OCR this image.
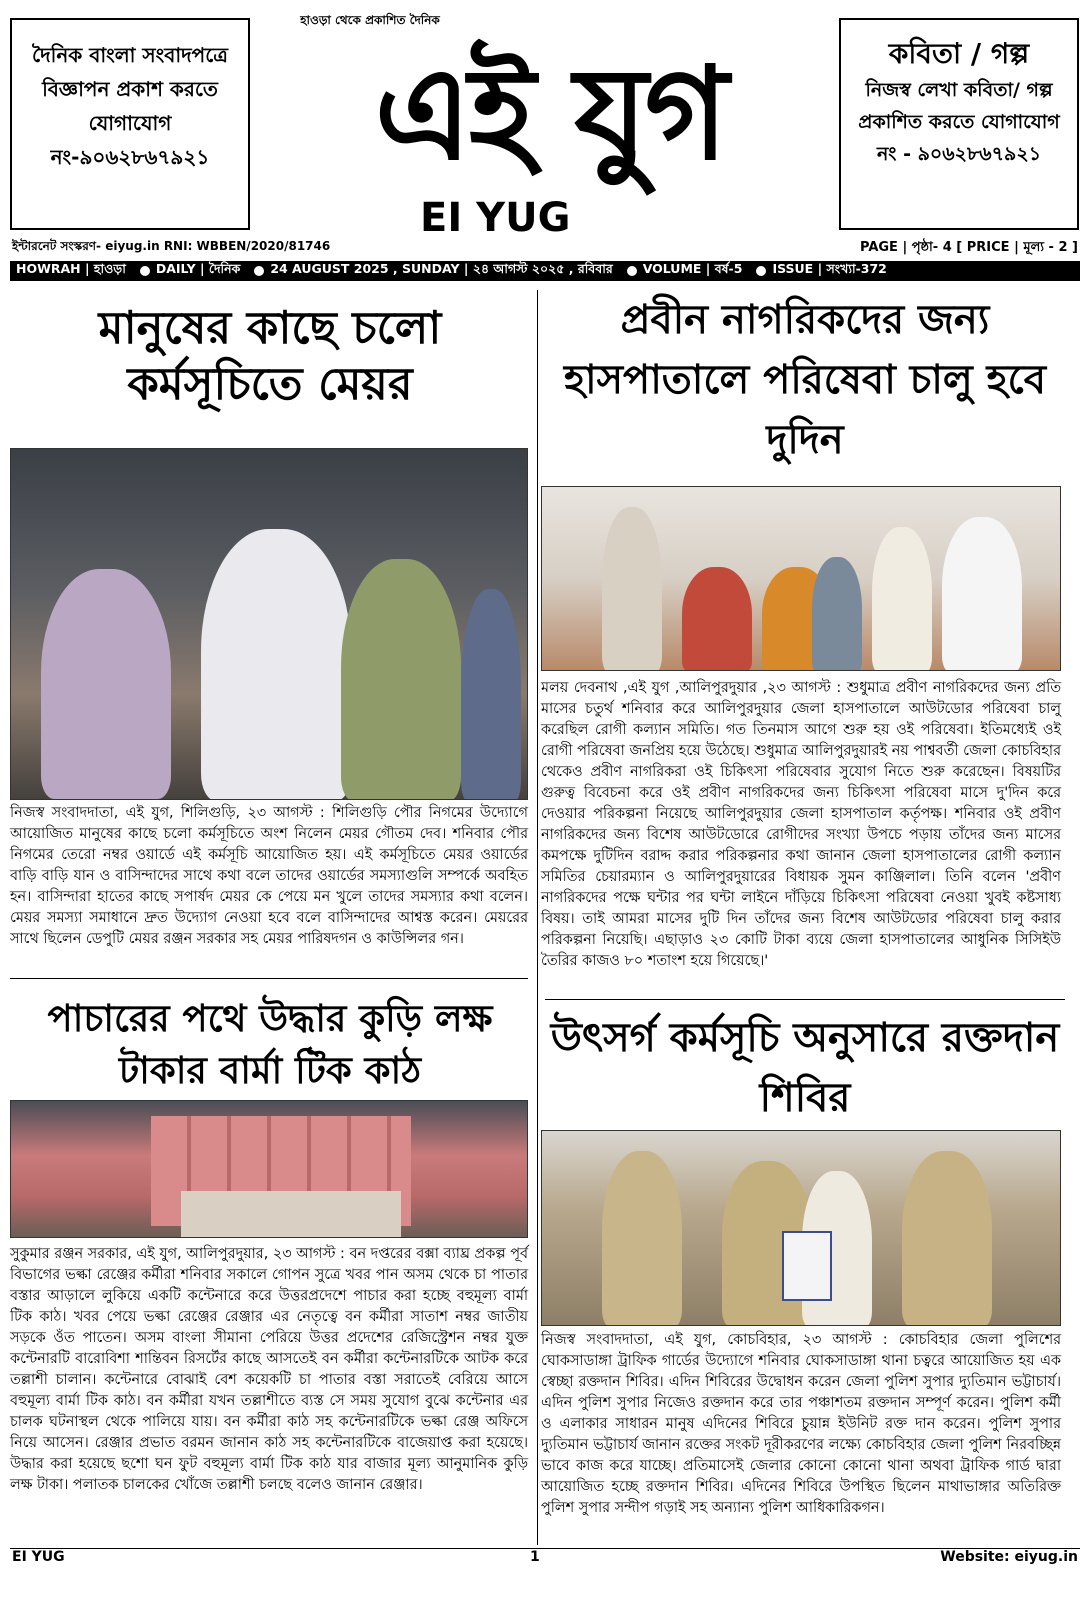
দৈনিক বাংলা সংবাদপত্রে বিজ্ঞাপন প্রকাশ করতে যোগাযোগ নং-৯০৬২৮৬৭৯২১
হাওড়া থেকে প্রকাশিত দৈনিক
এই যুগ
EI YUG
কবিতা / গল্প
নিজস্ব লেখা কবিতা/ গল্প প্রকাশিত করতে যোগাযোগ নং - ৯০৬২৮৬৭৯২১
ইন্টারনেট সংস্করণ- eiyug.in RNI: WBBEN/2020/81746	PAGE | পৃষ্ঠা- 4 [ PRICE | মূল্য - 2 ]
HOWRAH | হাওড়া DAILY | দৈনিক 24 AUGUST 2025 , SUNDAY | ২৪ আগস্ট ২০২৫ , রবিবার VOLUME | বর্ষ-5 ISSUE | সংখ্যা-372
মানুষের কাছে চলো কর্মসূচিতে মেয়র
নিজস্ব সংবাদদাতা, এই যুগ, শিলিগুড়ি, ২৩ আগস্ট : শিলিগুড়ি পৌর নিগমের উদ্যোগে আয়োজিত মানুষের কাছে চলো কর্মসূচিতে অংশ নিলেন মেয়র গৌতম দেব। শনিবার পৌর নিগমের তেরো নম্বর ওয়ার্ডে এই কর্মসূচি আয়োজিত হয়। এই কর্মসূচিতে মেয়র ওয়ার্ডের বাড়ি বাড়ি যান ও বাসিন্দাদের সাথে কথা বলে তাদের ওয়ার্ডের সমস্যাগুলি সম্পর্কে অবহিত হন। বাসিন্দারা হাতের কাছে সপার্ষদ মেয়র কে পেয়ে মন খুলে তাদের সমস্যার কথা বলেন। মেয়র সমস্যা সমাধানে দ্রুত উদ্যোগ নেওয়া হবে বলে বাসিন্দাদের আশ্বস্ত করেন। মেয়রের সাথে ছিলেন ডেপুটি মেয়র রঞ্জন সরকার সহ মেয়র পারিষদগন ও কাউন্সিলর গন।
প্রবীন নাগরিকদের জন্য হাসপাতালে পরিষেবা চালু হবে দুদিন
মলয় দেবনাথ ,এই যুগ ,আলিপুরদুয়ার ,২৩ আগস্ট : শুধুমাত্র প্রবীণ নাগরিকদের জন্য প্রতি মাসের চতুর্থ শনিবার করে আলিপুরদুয়ার জেলা হাসপাতালে আউটডোর পরিষেবা চালু করেছিল রোগী কল্যান সমিতি। গত তিনমাস আগে শুরু হয় ওই পরিষেবা। ইতিমধ্যেই ওই রোগী পরিষেবা জনপ্রিয় হয়ে উঠেছে। শুধুমাত্র আলিপুরদুয়ারই নয় পাশ্ববর্তী জেলা কোচবিহার থেকেও প্রবীণ নাগরিকরা ওই চিকিৎসা পরিষেবার সুযোগ নিতে শুরু করেছেন। বিষয়টির গুরুত্ব বিবেচনা করে ওই প্রবীণ নাগরিকদের জন্য চিকিৎসা পরিষেবা মাসে দু'দিন করে দেওয়ার পরিকল্পনা নিয়েছে আলিপুরদুয়ার জেলা হাসপাতাল কর্তৃপক্ষ। শনিবার ওই প্রবীণ নাগরিকদের জন্য বিশেষ আউটডোরে রোগীদের সংখ্যা উপচে পড়ায় তাঁদের জন্য মাসের কমপক্ষে দুটিদিন বরাদ্দ করার পরিকল্পনার কথা জানান জেলা হাসপাতালের রোগী কল্যান সমিতির চেয়ারম্যান ও আলিপুরদুয়ারের বিধায়ক সুমন কাঞ্জিলাল। তিনি বলেন 'প্রবীণ নাগরিকদের পক্ষে ঘন্টার পর ঘন্টা লাইনে দাঁড়িয়ে চিকিৎসা পরিষেবা নেওয়া খুবই কষ্টসাধ্য বিষয়। তাই আমরা মাসের দুটি দিন তাঁদের জন্য বিশেষ আউটডোর পরিষেবা চালু করার পরিকল্পনা নিয়েছি। এছাড়াও ২৩ কোটি টাকা ব্যয়ে জেলা হাসপাতালের আধুনিক সিসিইউ তৈরির কাজও ৮০ শতাংশ হয়ে গিয়েছে।'
পাচারের পথে উদ্ধার কুড়ি লক্ষ টাকার বার্মা টিক কাঠ
সুকুমার রঞ্জন সরকার, এই যুগ, আলিপুরদুয়ার, ২৩ আগস্ট : বন দপ্তরের বক্সা ব্যাঘ্র প্রকল্প পূর্ব বিভাগের ভল্কা রেঞ্জের কর্মীরা শনিবার সকালে গোপন সুত্রে খবর পান অসম থেকে চা পাতার বস্তার আড়ালে লুকিয়ে একটি কন্টেনারে করে উত্তরপ্রদেশে পাচার করা হচ্ছে বহুমূল্য বার্মা টিক কাঠ। খবর পেয়ে ভল্কা রেঞ্জের রেঞ্জার এর নেতৃত্বে বন কর্মীরা সাতাশ নম্বর জাতীয় সড়কে ওঁত পাতেন। অসম বাংলা সীমানা পেরিয়ে উত্তর প্রদেশের রেজিস্ট্রেশন নম্বর যুক্ত কন্টেনারটি বারোবিশা শান্তিবন রিসর্টের কাছে আসতেই বন কর্মীরা কন্টেনারটিকে আটক করে তল্লাশী চালান। কন্টেনারে বোঝাই বেশ কয়েকটি চা পাতার বস্তা সরাতেই বেরিয়ে আসে বহুমূল্য বার্মা টিক কাঠ। বন কর্মীরা যখন তল্লাশীতে ব্যস্ত সে সময় সুযোগ বুঝে কন্টেনার এর চালক ঘটনাস্থল থেকে পালিয়ে যায়। বন কর্মীরা কাঠ সহ কন্টেনারটিকে ভল্কা রেঞ্জ অফিসে নিয়ে আসেন। রেঞ্জার প্রভাত বরমন জানান কাঠ সহ কন্টেনারটিকে বাজেয়াপ্ত করা হয়েছে। উদ্ধার করা হয়েছে ছশো ঘন ফুট বহুমূল্য বার্মা টিক কাঠ যার বাজার মূল্য আনুমানিক কুড়ি লক্ষ টাকা। পলাতক চালকের খোঁজে তল্লাশী চলছে বলেও জানান রেঞ্জার।
উৎসর্গ কর্মসূচি অনুসারে রক্তদান শিবির
নিজস্ব সংবাদদাতা, এই যুগ, কোচবিহার, ২৩ আগস্ট : কোচবিহার জেলা পুলিশের ঘোকসাডাঙ্গা ট্রাফিক গার্ডের উদ্যোগে শনিবার ঘোকসাডাঙ্গা থানা চত্বরে আয়োজিত হয় এক স্বেচ্ছা রক্তদান শিবির। এদিন শিবিরের উদ্বোধন করেন জেলা পুলিশ সুপার দ্যুতিমান ভট্টাচার্য। এদিন পুলিশ সুপার নিজেও রক্তদান করে তার পঞ্চাশতম রক্তদান সম্পূর্ণ করেন। পুলিশ কর্মী ও এলাকার সাধারন মানুষ এদিনের শিবিরে চুয়ান্ন ইউনিট রক্ত দান করেন। পুলিশ সুপার দ্যুতিমান ভট্টাচার্য জানান রক্তের সংকট দূরীকরণের লক্ষ্যে কোচবিহার জেলা পুলিশ নিরবচ্ছিন্ন ভাবে কাজ করে যাচ্ছে। প্রতিমাসেই জেলার কোনো কোনো থানা অথবা ট্রাফিক গার্ড দ্বারা আয়োজিত হচ্ছে রক্তদান শিবির। এদিনের শিবিরে উপস্থিত ছিলেন মাথাভাঙ্গার অতিরিক্ত পুলিশ সুপার সন্দীপ গড়াই সহ অন্যান্য পুলিশ আধিকারিকগন।
EI YUG	1	Website: eiyug.in
